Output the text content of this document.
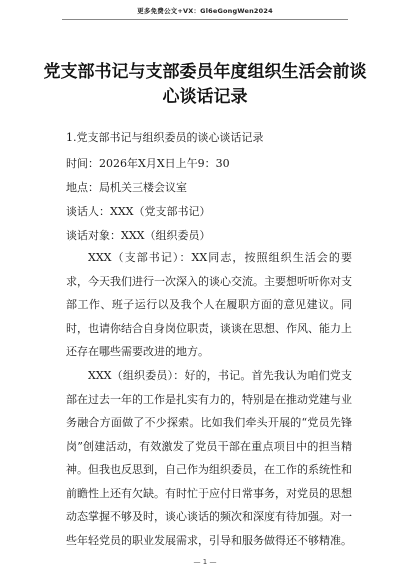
更多免费公文+VX：Gl6eGongWen2024
党支部书记与支部委员年度组织生活会前谈心谈话记录
1.党支部书记与组织委员的谈心谈话记录
时间：2026年X月X日上午9：30
地点：局机关三楼会议室
谈话人：XXX（党支部书记）
谈话对象：XXX（组织委员）
XXX（支部书记）：XX同志，按照组织生活会的要求，今天我们进行一次深入的谈心交流。主要想听听你对支部工作、班子运行以及我个人在履职方面的意见建议。同时，也请你结合自身岗位职责，谈谈在思想、作风、能力上还存在哪些需要改进的地方。
XXX（组织委员）：好的，书记。首先我认为咱们党支部在过去一年的工作是扎实有力的，特别是在推动党建与业务融合方面做了不少探索。比如我们牵头开展的“党员先锋岗”创建活动，有效激发了党员干部在重点项目中的担当精神。但我也反思到，自己作为组织委员，在工作的系统性和前瞻性上还有欠缺。有时忙于应付日常事务，对党员的思想动态掌握不够及时，谈心谈话的频次和深度有待加强。对一些年轻党员的职业发展需求，引导和服务做得还不够精准。
— 1 —
